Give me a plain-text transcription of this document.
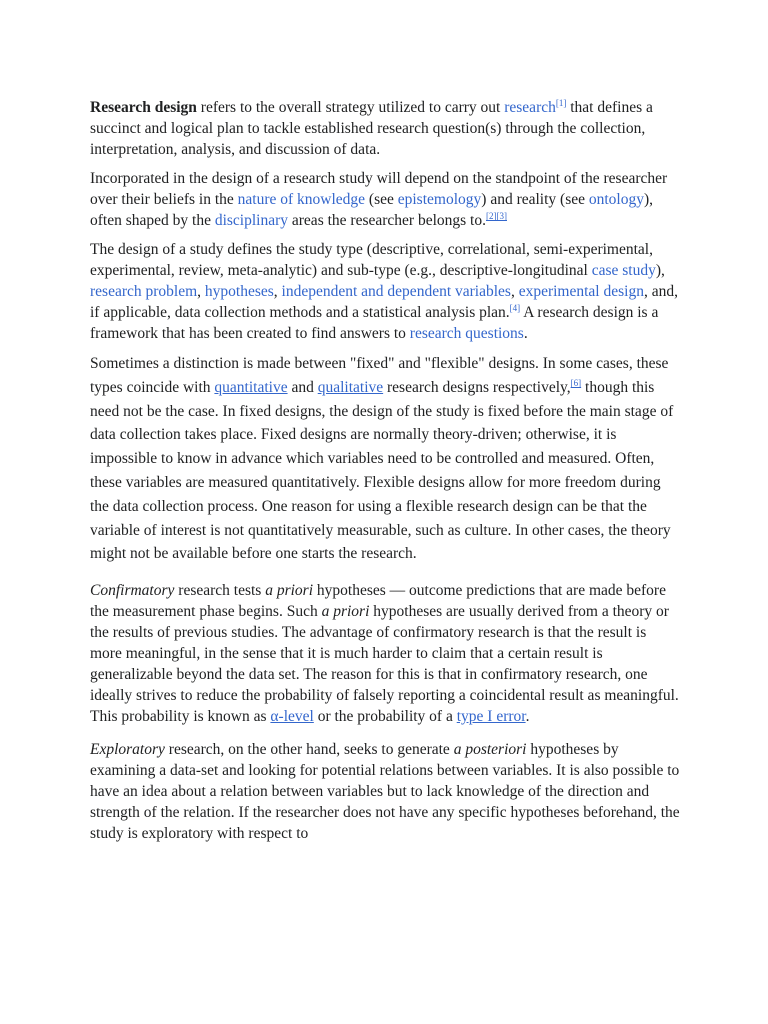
Research design refers to the overall strategy utilized to carry out research[1] that defines a succinct and logical plan to tackle established research question(s) through the collection, interpretation, analysis, and discussion of data.

Incorporated in the design of a research study will depend on the standpoint of the researcher over their beliefs in the nature of knowledge (see epistemology) and reality (see ontology), often shaped by the disciplinary areas the researcher belongs to.[2][3]

The design of a study defines the study type (descriptive, correlational, semi-experimental, experimental, review, meta-analytic) and sub-type (e.g., descriptive-longitudinal case study), research problem, hypotheses, independent and dependent variables, experimental design, and, if applicable, data collection methods and a statistical analysis plan.[4] A research design is a framework that has been created to find answers to research questions.

Sometimes a distinction is made between "fixed" and "flexible" designs. In some cases, these types coincide with quantitative and qualitative research designs respectively,[6] though this need not be the case. In fixed designs, the design of the study is fixed before the main stage of data collection takes place. Fixed designs are normally theory-driven; otherwise, it is impossible to know in advance which variables need to be controlled and measured. Often, these variables are measured quantitatively. Flexible designs allow for more freedom during the data collection process. One reason for using a flexible research design can be that the variable of interest is not quantitatively measurable, such as culture. In other cases, the theory might not be available before one starts the research.

Confirmatory research tests a priori hypotheses — outcome predictions that are made before the measurement phase begins. Such a priori hypotheses are usually derived from a theory or the results of previous studies. The advantage of confirmatory research is that the result is more meaningful, in the sense that it is much harder to claim that a certain result is generalizable beyond the data set. The reason for this is that in confirmatory research, one ideally strives to reduce the probability of falsely reporting a coincidental result as meaningful. This probability is known as α-level or the probability of a type I error.

Exploratory research, on the other hand, seeks to generate a posteriori hypotheses by examining a data-set and looking for potential relations between variables. It is also possible to have an idea about a relation between variables but to lack knowledge of the direction and strength of the relation. If the researcher does not have any specific hypotheses beforehand, the study is exploratory with respect to
